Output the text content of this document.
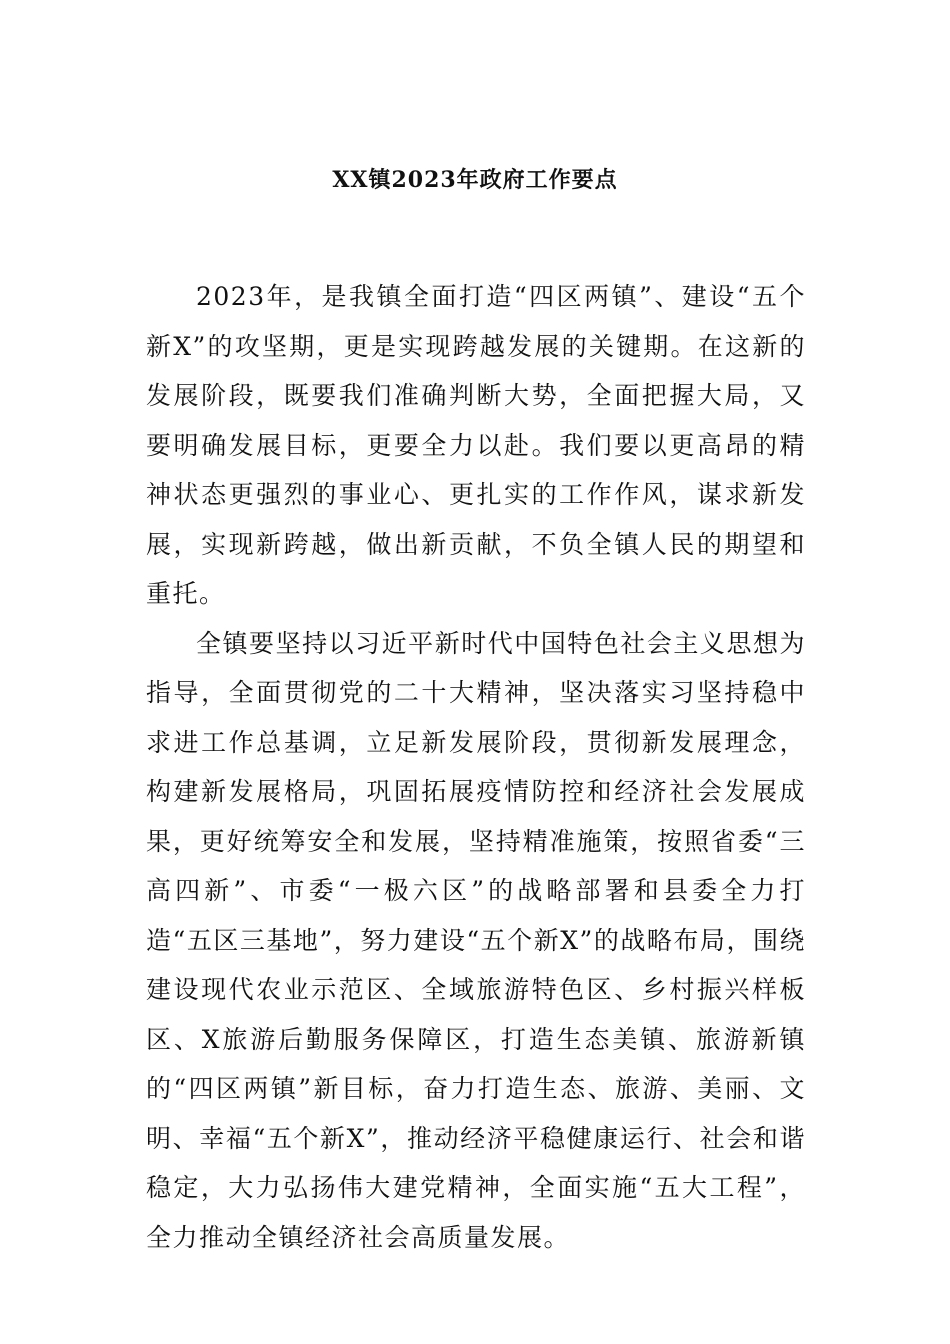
XX镇2023年政府工作要点

2023年，是我镇全面打造“四区两镇”、建设“五个新X”的攻坚期，更是实现跨越发展的关键期。在这新的发展阶段，既要我们准确判断大势，全面把握大局，又要明确发展目标，更要全力以赴。我们要以更高昂的精神状态更强烈的事业心、更扎实的工作作风，谋求新发展，实现新跨越，做出新贡献，不负全镇人民的期望和重托。

全镇要坚持以习近平新时代中国特色社会主义思想为指导，全面贯彻党的二十大精神，坚决落实习坚持稳中求进工作总基调，立足新发展阶段，贯彻新发展理念，构建新发展格局，巩固拓展疫情防控和经济社会发展成果，更好统筹安全和发展，坚持精准施策，按照省委“三高四新”、市委“一极六区”的战略部署和县委全力打造“五区三基地”，努力建设“五个新X”的战略布局，围绕建设现代农业示范区、全域旅游特色区、乡村振兴样板区、X旅游后勤服务保障区，打造生态美镇、旅游新镇的“四区两镇”新目标，奋力打造生态、旅游、美丽、文明、幸福“五个新X”，推动经济平稳健康运行、社会和谐稳定，大力弘扬伟大建党精神，全面实施“五大工程”，全力推动全镇经济社会高质量发展。
